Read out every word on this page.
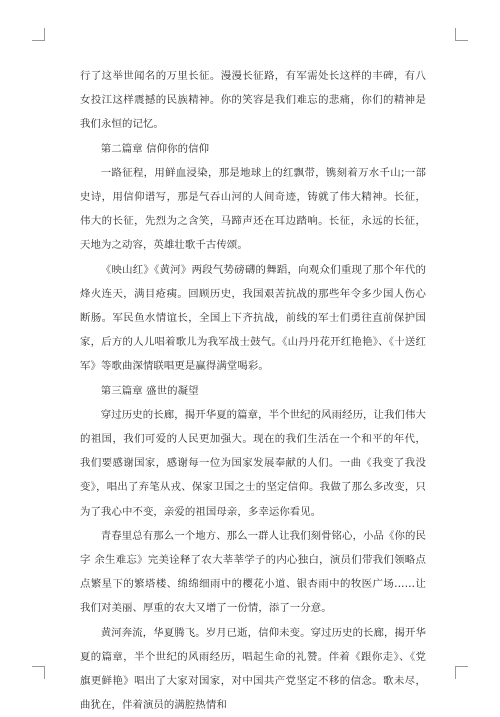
行了这举世闻名的万里长征。漫漫长征路，有军需处长这样的丰碑，有八女投江这样震撼的民族精神。你的笑容是我们难忘的悲痛，你们的精神是我们永恒的记忆。

第二篇章 信仰你的信仰

一路征程，用鲜血浸染，那是地球上的红飘带，镌刻着万水千山;一部史诗，用信仰谱写，那是气吞山河的人间奇迹，铸就了伟大精神。长征，伟大的长征，先烈为之含笑，马蹄声还在耳边踏响。长征，永远的长征，天地为之动容，英雄壮歌千古传颂。

《映山红》《黄河》两段气势磅礴的舞蹈，向观众们重现了那个年代的烽火连天，满目疮痍。回顾历史，我国艰苦抗战的那些年令多少国人伤心断肠。军民鱼水情谊长，全国上下齐抗战，前线的军士们勇往直前保护国家，后方的人儿唱着歌儿为我军战士鼓气。《山丹丹花开红艳艳》、《十送红军》等歌曲深情联唱更是赢得满堂喝彩。

第三篇章 盛世的凝望

穿过历史的长廊，揭开华夏的篇章，半个世纪的风雨经历，让我们伟大的祖国，我们可爱的人民更加强大。现在的我们生活在一个和平的年代，我们要感谢国家，感谢每一位为国家发展奉献的人们。一曲《我变了我没变》，唱出了弃笔从戎、保家卫国之士的坚定信仰。我做了那么多改变，只为了我心中不变，亲爱的祖国母亲，多幸运你看见。

青春里总有那么一个地方、那么一群人让我们刻骨铭心，小品《你的民字 余生难忘》完美诠释了农大莘莘学子的内心独白，演员们带我们领略点点繁星下的繁塔楼、绵绵细雨中的樱花小道、银杏雨中的牧医广场……让我们对美丽、厚重的农大又增了一份情，添了一分意。

黄河奔流，华夏腾飞。岁月已逝，信仰未变。穿过历史的长廊，揭开华夏的篇章，半个世纪的风雨经历，唱起生命的礼赞。伴着《跟你走》、《党旗更鲜艳》唱出了大家对国家，对中国共产党坚定不移的信念。歌未尽，曲犹在，伴着演员的满腔热情和
